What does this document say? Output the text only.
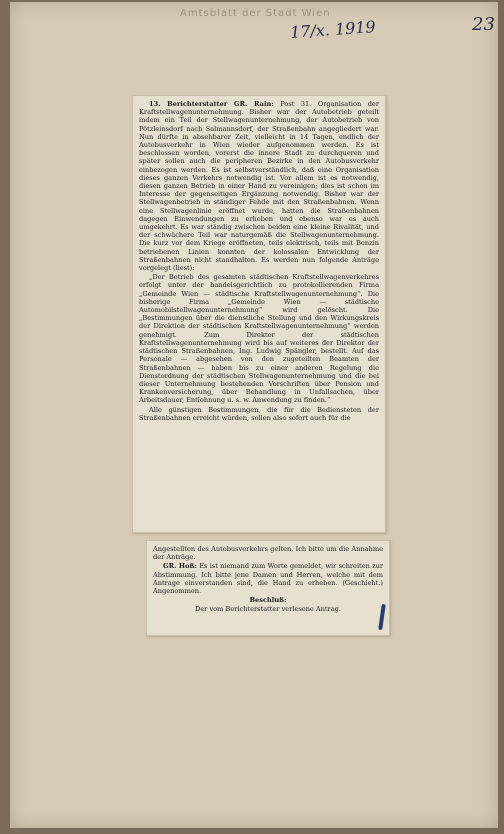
Amtsblatt der Stadt Wien
17/x. 1919	23

13. Berichterstatter GR. Rain: Post 31. Organisation der Kraftstellwagenunternehmung. Bisher war der Autobetrieb geteilt indem ein Teil der Stellwagenunternehmung, der Autobetrieb von Pötzleinsdorf nach Salmannsdorf, der Straßenbahn angegliedert war. Nun dürfte in absehbarer Zeit, vielleicht in 14 Tagen, endlich der Autobusverkehr in Wien wieder aufgenommen werden. Es ist beschlossen worden, vorerst die innere Stadt zu durchqueren und später sollen auch die peripheren Bezirke in den Autobusverkehr einbezogen werden. Es ist selbstverständlich, daß eine Organisation dieses ganzen Verkehrs notwendig ist. Vor allem ist es notwendig, diesen ganzen Betrieb in einer Hand zu vereinigen; dies ist schon im Interesse der gegenseitigen Ergänzung notwendig. Bisher war der Stellwagenbetrieb in ständiger Fehde mit den Straßenbahnen. Wenn eine Stellwagenlinie eröffnet wurde, hatten die Straßenbahnen dagegen Einwendungen zu erheben und ebenso war es auch umgekehrt. Es war ständig zwischen beiden eine kleine Rivalität, und der schwächere Teil war naturgemäß die Stellwagenunternehmung. Die kurz vor dem Kriege eröffneten, teils elektrisch, teils mit Benzin betriebenen Linien konnten der kolossalen Entwicklung der Straßenbahnen nicht standhalten. Es werden nun folgende Anträge vorgelegt (liest):

„Der Betrieb des gesamten städtischen Kraftstellwagenverkehres erfolgt unter der handelsgerichtlich zu protokollierenden Firma „Gemeinde Wien — städtische Kraftstellwagenunternehmung“. Die bisherige Firma „Gemeinde Wien — städtische Automobilstellwagenunternehmung“ wird gelöscht. Die „Bestimmungen über die dienstliche Stellung und den Wirkungskreis der Direktion der städtischen Kraftstellwagenunternehmung“ werden genehmigt. Zum Direktor der städtischen Kraftstellwagenunternehmung wird bis auf weiteres der Direktor der städtischen Straßenbahnen, Ing. Ludwig Spängler, bestellt. Auf das Personale — abgesehen von den zugeteilten Beamten der Straßenbahnen — haben bis zu einer anderen Regelung die Dienstordnung der städtischen Stellwagenunternehmung und die bei dieser Unternehmung bestehenden Vorschriften über Pension und Krankenversicherung, über Behandlung in Unfallsachen, über Arbeitsdauer, Entlohnung u. s. w. Anwendung zu finden.“

Alle günstigen Bestimmungen, die für die Bediensteten der Straßenbahnen erreicht würden, sollen also sofort auch für die

Angestellten des Autobusverkehrs gelten. Ich bitte um die Annahme der Anträge.

GR. Hoß: Es ist niemand zum Worte gemeldet, wir schreiten zur Abstimmung. Ich bitte jene Damen und Herren, welche mit dem Antrage einverstanden sind, die Hand zu erheben. (Geschieht.) Angenommen.

Beschluß:

Der vom Berichterstatter verlesene Antrag.
